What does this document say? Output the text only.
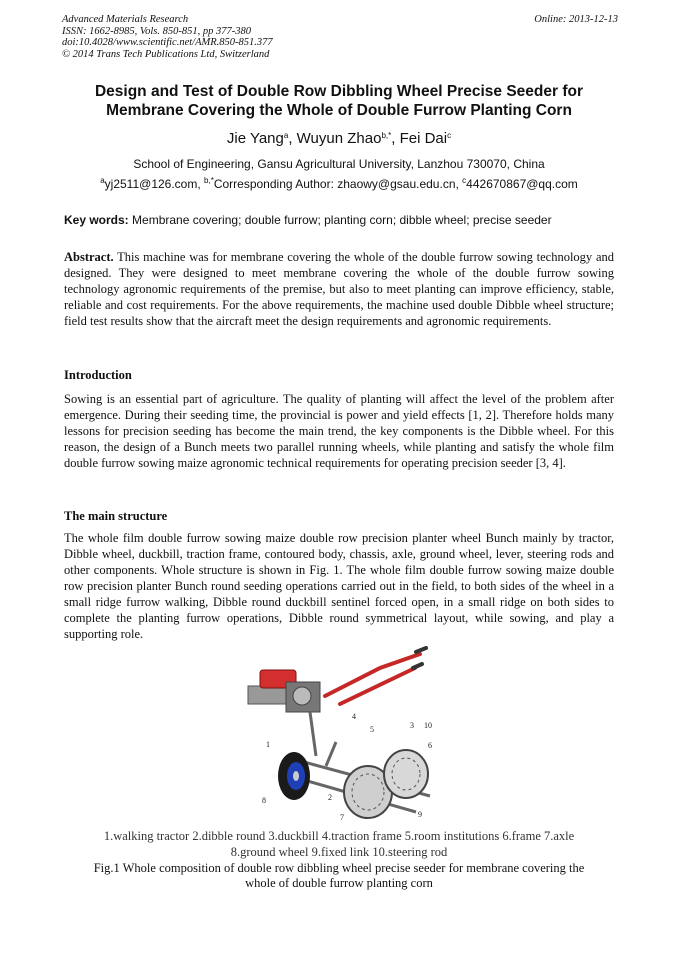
Advanced Materials Research
ISSN: 1662-8985, Vols. 850-851, pp 377-380
doi:10.4028/www.scientific.net/AMR.850-851.377
© 2014 Trans Tech Publications Ltd, Switzerland
Online: 2013-12-13
Design and Test of Double Row Dibbling Wheel Precise Seeder for Membrane Covering the Whole of Double Furrow Planting Corn
Jie Yang$^a$, Wuyun Zhao$^{b,*}$, Fei Dai$^c$
School of Engineering, Gansu Agricultural University, Lanzhou 730070, China
$^a$yj2511@126.com, $^{b,*}$Corresponding Author: zhaowy@gsau.edu.cn, $^c$442670867@qq.com
Key words: Membrane covering; double furrow; planting corn; dibble wheel; precise seeder
Abstract. This machine was for membrane covering the whole of the double furrow sowing technology and designed. They were designed to meet membrane covering the whole of the double furrow sowing technology agronomic requirements of the premise, but also to meet planting can improve efficiency, stable, reliable and cost requirements. For the above requirements, the machine used double Dibble wheel structure; field test results show that the aircraft meet the design requirements and agronomic requirements.
Introduction
Sowing is an essential part of agriculture. The quality of planting will affect the level of the problem after emergence. During their seeding time, the provincial is power and yield effects [1, 2]. Therefore holds many lessons for precision seeding has become the main trend, the key components is the Dibble wheel. For this reason, the design of a Bunch meets two parallel running wheels, while planting and satisfy the whole film double furrow sowing maize agronomic technical requirements for operating precision seeder [3, 4].
The main structure
The whole film double furrow sowing maize double row precision planter wheel Bunch mainly by tractor, Dibble wheel, duckbill, traction frame, contoured body, chassis, axle, ground wheel, lever, steering rods and other components. Whole structure is shown in Fig. 1. The whole film double furrow sowing maize double row precision planter Bunch round seeding operations carried out in the field, to both sides of the wheel in a small ridge furrow walking, Dibble round duckbill sentinel forced open, in a small ridge on both sides to complete the planting furrow operations, Dibble round symmetrical layout, while sowing, and play a supporting role.
1
2
3
4
5
6
7
8
9
10
1.walking tractor 2.dibble round 3.duckbill 4.traction frame 5.room institutions 6.frame 7.axle
8.ground wheel 9.fixed link 10.steering rod
Fig.1 Whole composition of double row dibbling wheel precise seeder for membrane covering the
whole of double furrow planting corn
